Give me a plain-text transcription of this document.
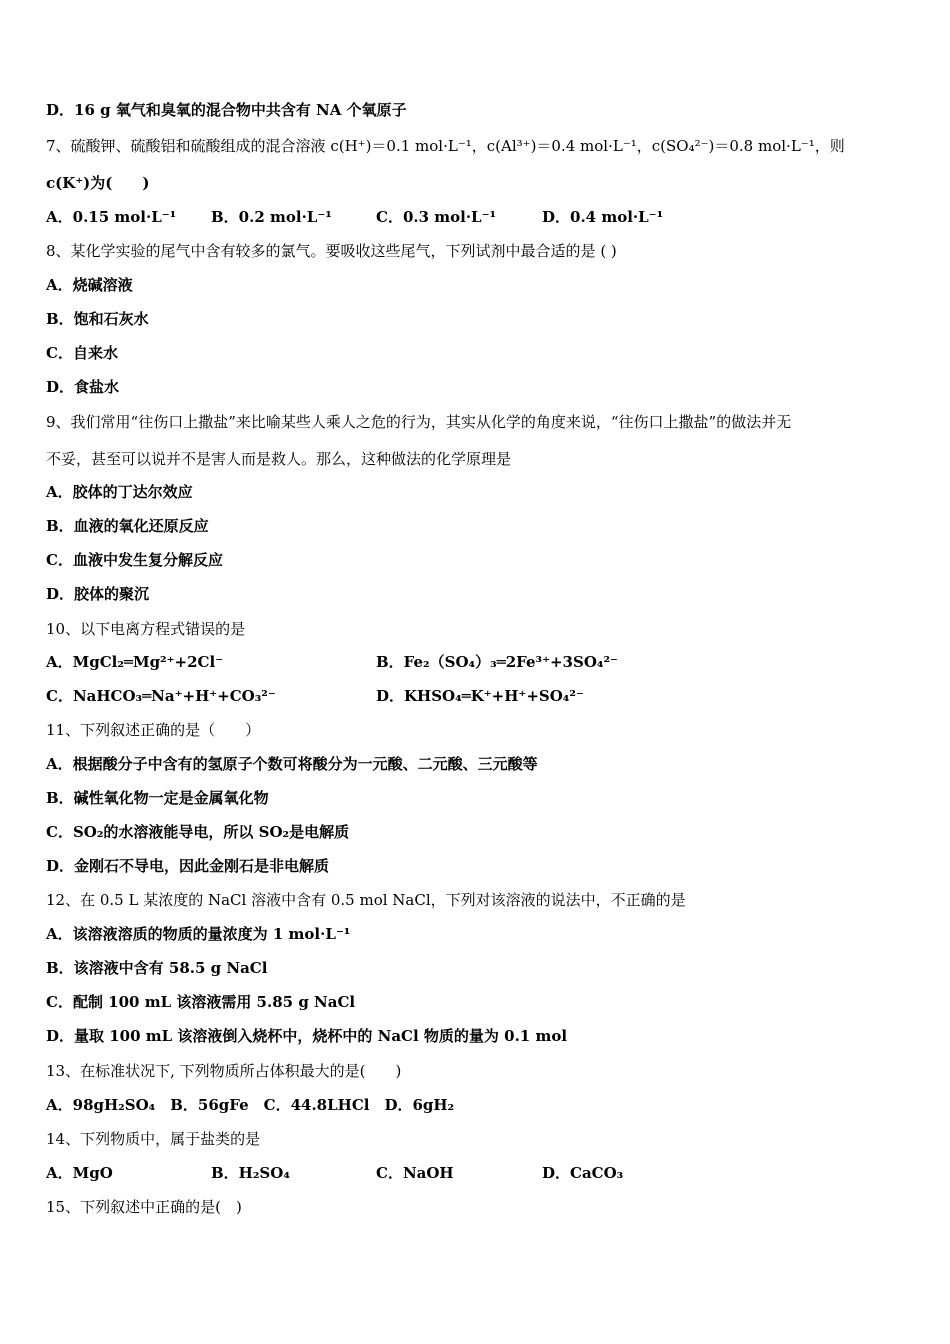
D．16 g 氧气和臭氧的混合物中共含有 NA 个氧原子
7、硫酸钾、硫酸铝和硫酸组成的混合溶液 c(H⁺)＝0.1 mol·L⁻¹，c(Al³⁺)＝0.4 mol·L⁻¹，c(SO₄²⁻)＝0.8 mol·L⁻¹，则
c(K⁺)为(　　)
A．0.15 mol·L⁻¹ B．0.2 mol·L⁻¹	C．0.3 mol·L⁻¹	D．0.4 mol·L⁻¹
8、某化学实验的尾气中含有较多的氯气。要吸收这些尾气，下列试剂中最合适的是 ( )
A．烧碱溶液
B．饱和石灰水
C．自来水
D．食盐水
9、我们常用“往伤口上撒盐”来比喻某些人乘人之危的行为，其实从化学的角度来说，“往伤口上撒盐”的做法并无
不妥，甚至可以说并不是害人而是救人。那么，这种做法的化学原理是
A．胶体的丁达尔效应
B．血液的氧化还原反应
C．血液中发生复分解反应
D．胶体的聚沉
10、以下电离方程式错误的是
A．MgCl₂═Mg²⁺+2Cl⁻	B．Fe₂（SO₄）₃═2Fe³⁺+3SO₄²⁻
C．NaHCO₃═Na⁺+H⁺+CO₃²⁻	D．KHSO₄═K⁺+H⁺+SO₄²⁻
11、下列叙述正确的是（　　）
A．根据酸分子中含有的氢原子个数可将酸分为一元酸、二元酸、三元酸等
B．碱性氧化物一定是金属氧化物
C．SO₂的水溶液能导电，所以 SO₂是电解质
D．金刚石不导电，因此金刚石是非电解质
12、在 0.5 L 某浓度的 NaCl 溶液中含有 0.5 mol NaCl，下列对该溶液的说法中，不正确的是
A．该溶液溶质的物质的量浓度为 1 mol·L⁻¹
B．该溶液中含有 58.5 g NaCl
C．配制 100 mL 该溶液需用 5.85 g NaCl
D．量取 100 mL 该溶液倒入烧杯中，烧杯中的 NaCl 物质的量为 0.1 mol
13、在标准状况下, 下列物质所占体积最大的是(　　)
A．98gH₂SO₄　B．56gFe　C．44.8LHCl　D．6gH₂
14、下列物质中，属于盐类的是
A．MgO	B．H₂SO₄	C．NaOH	D．CaCO₃
15、下列叙述中正确的是(　)
